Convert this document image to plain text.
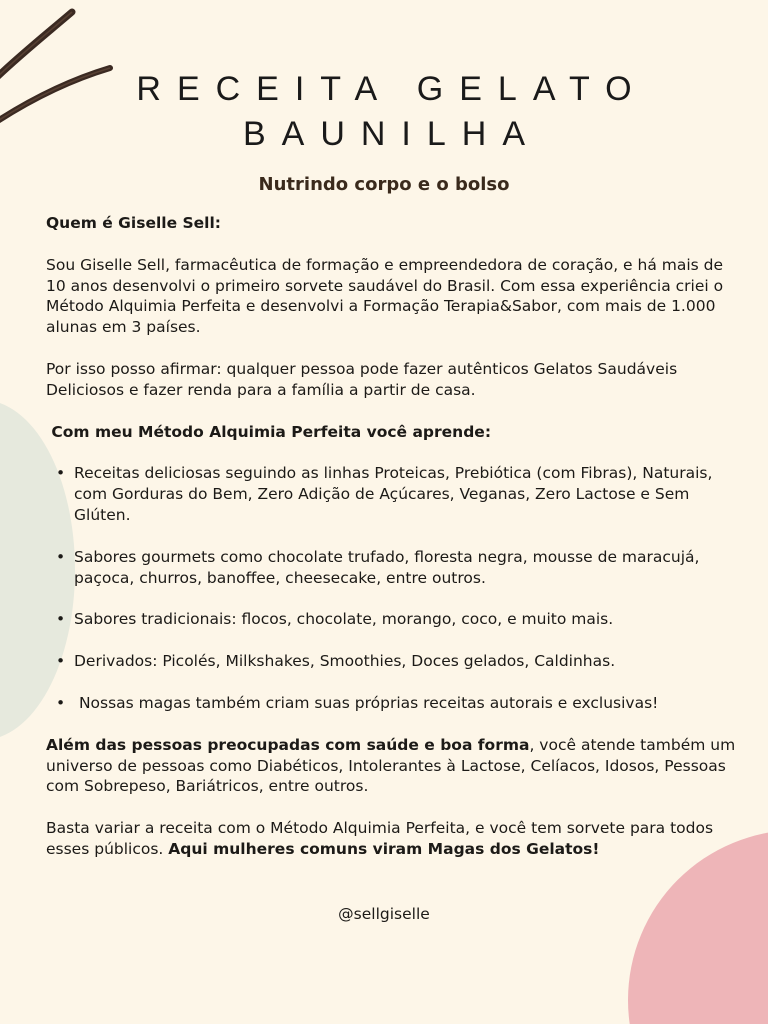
RECEITA GELATO
BAUNILHA
Nutrindo corpo e o bolso

Quem é Giselle Sell:

Sou Giselle Sell, farmacêutica de formação e empreendedora de coração, e há mais de 10 anos desenvolvi o primeiro sorvete saudável do Brasil. Com essa experiência criei o Método Alquimia Perfeita e desenvolvi a Formação Terapia&Sabor, com mais de 1.000 alunas em 3 países.

Por isso posso afirmar: qualquer pessoa pode fazer autênticos Gelatos Saudáveis Deliciosos e fazer renda para a família a partir de casa.

Com meu Método Alquimia Perfeita você aprende:

• Receitas deliciosas seguindo as linhas Proteicas, Prebiótica (com Fibras), Naturais, com Gorduras do Bem, Zero Adição de Açúcares, Veganas, Zero Lactose e Sem Glúten.
• Sabores gourmets como chocolate trufado, floresta negra, mousse de maracujá, paçoca, churros, banoffee, cheesecake, entre outros.
• Sabores tradicionais: flocos, chocolate, morango, coco, e muito mais.
• Derivados: Picolés, Milkshakes, Smoothies, Doces gelados, Caldinhas.
•  Nossas magas também criam suas próprias receitas autorais e exclusivas!

Além das pessoas preocupadas com saúde e boa forma, você atende também um universo de pessoas como Diabéticos, Intolerantes à Lactose, Celíacos, Idosos, Pessoas com Sobrepeso, Bariátricos, entre outros.

Basta variar a receita com o Método Alquimia Perfeita, e você tem sorvete para todos esses públicos. Aqui mulheres comuns viram Magas dos Gelatos!

@sellgiselle
